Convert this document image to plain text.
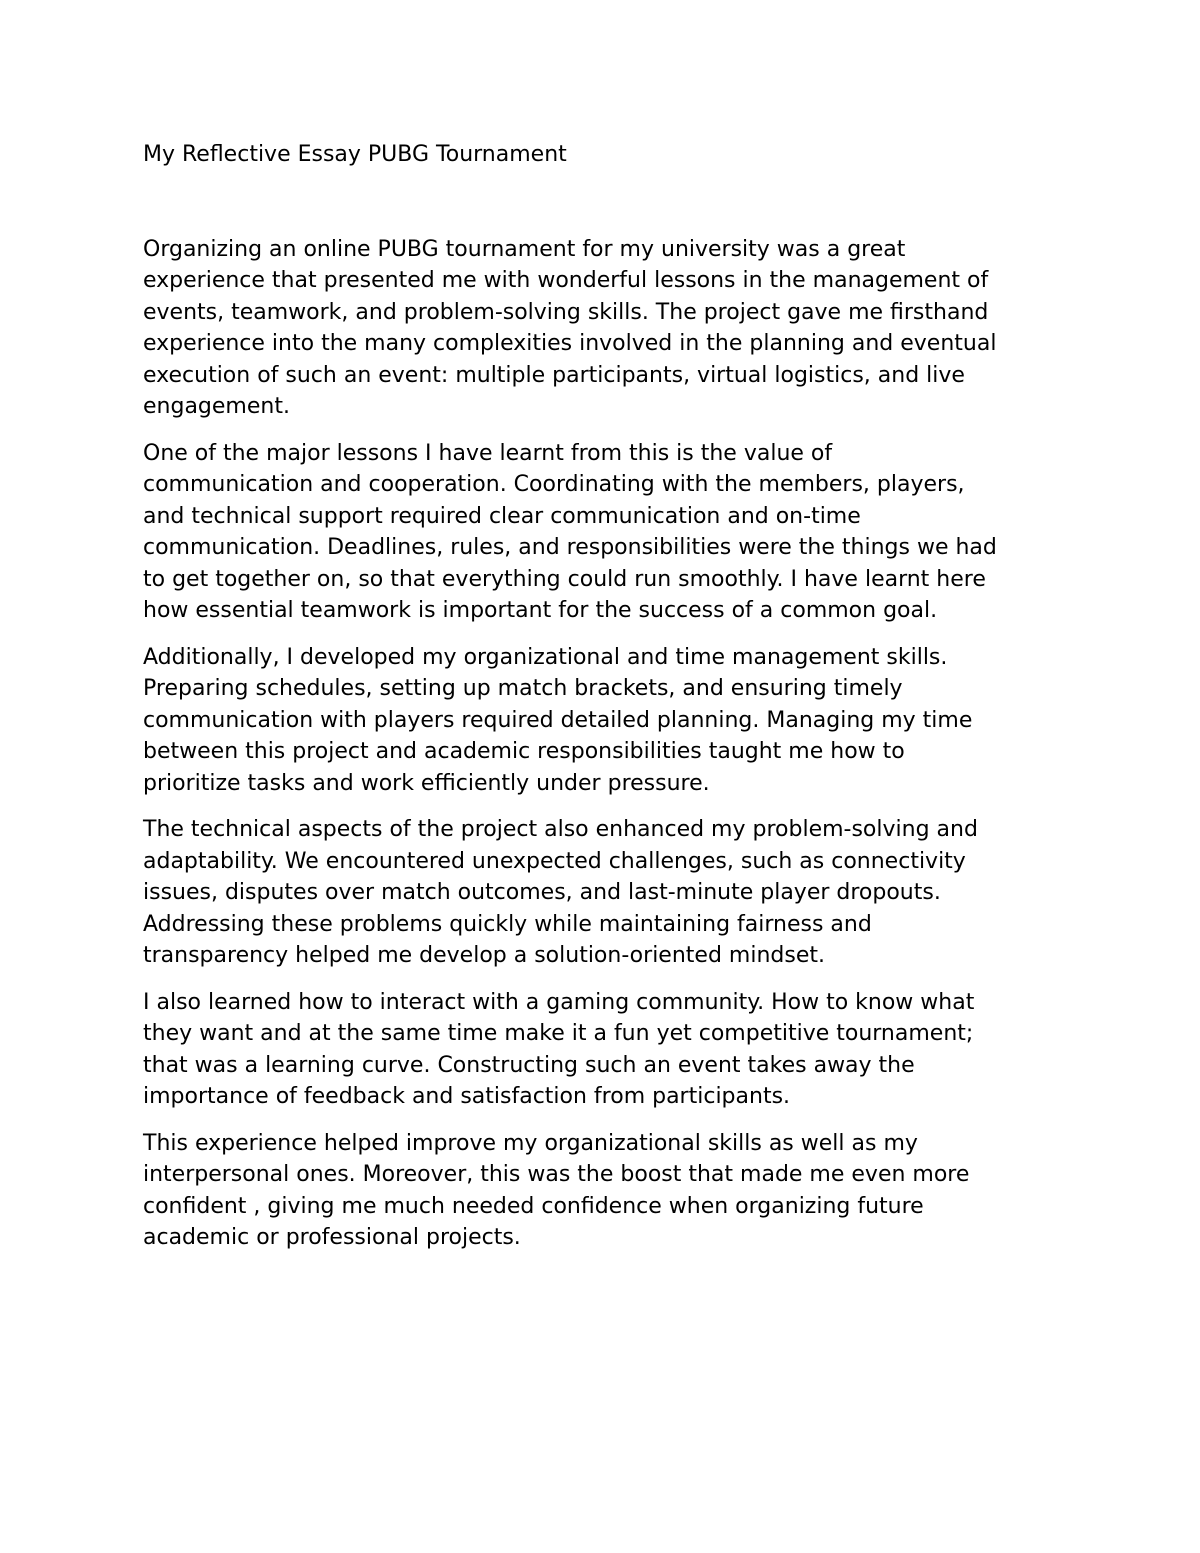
My Reflective Essay PUBG Tournament

Organizing an online PUBG tournament for my university was a great
experience that presented me with wonderful lessons in the management of
events, teamwork, and problem-solving skills. The project gave me firsthand
experience into the many complexities involved in the planning and eventual
execution of such an event: multiple participants, virtual logistics, and live
engagement.

One of the major lessons I have learnt from this is the value of
communication and cooperation. Coordinating with the members, players,
and technical support required clear communication and on-time
communication. Deadlines, rules, and responsibilities were the things we had
to get together on, so that everything could run smoothly. I have learnt here
how essential teamwork is important for the success of a common goal.

Additionally, I developed my organizational and time management skills.
Preparing schedules, setting up match brackets, and ensuring timely
communication with players required detailed planning. Managing my time
between this project and academic responsibilities taught me how to
prioritize tasks and work efficiently under pressure.

The technical aspects of the project also enhanced my problem-solving and
adaptability. We encountered unexpected challenges, such as connectivity
issues, disputes over match outcomes, and last-minute player dropouts.
Addressing these problems quickly while maintaining fairness and
transparency helped me develop a solution-oriented mindset.

I also learned how to interact with a gaming community. How to know what
they want and at the same time make it a fun yet competitive tournament;
that was a learning curve. Constructing such an event takes away the
importance of feedback and satisfaction from participants.

This experience helped improve my organizational skills as well as my
interpersonal ones. Moreover, this was the boost that made me even more
confident , giving me much needed confidence when organizing future
academic or professional projects.
